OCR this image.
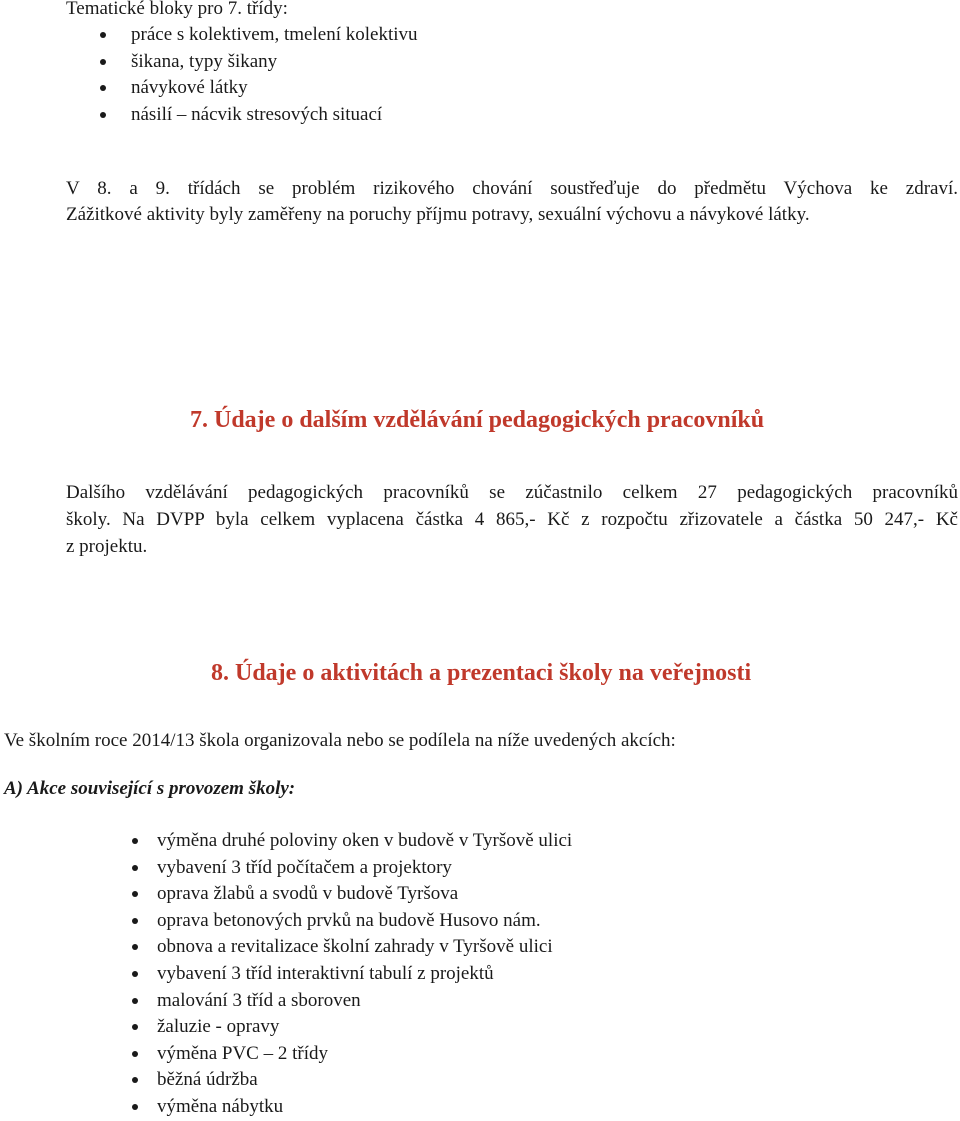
Tematické bloky pro 7. třídy:
práce s kolektivem, tmelení kolektivu
šikana, typy šikany
návykové látky
násilí – nácvik stresových situací
V 8. a 9. třídách se problém rizikového chování soustřeďuje do předmětu Výchova ke zdraví.
Zážitkové aktivity byly zaměřeny na poruchy příjmu potravy, sexuální výchovu a návykové látky.
7. Údaje o dalším vzdělávání pedagogických pracovníků
Dalšího vzdělávání pedagogických pracovníků se zúčastnilo celkem 27 pedagogických pracovníků
školy. Na DVPP byla celkem vyplacena částka 4 865,- Kč z rozpočtu zřizovatele a částka 50 247,- Kč
z projektu.
8. Údaje o aktivitách a prezentaci školy na veřejnosti
Ve školním roce 2014/13 škola organizovala nebo se podílela na níže uvedených akcích:
A) Akce související s provozem školy:
výměna druhé poloviny oken v budově v Tyršově ulici
vybavení 3 tříd počítačem a projektory
oprava žlabů a svodů v budově Tyršova
oprava betonových prvků na budově Husovo nám.
obnova a revitalizace školní zahrady v Tyršově ulici
vybavení 3 tříd interaktivní tabulí z projektů
malování 3 tříd a sboroven
žaluzie - opravy
výměna PVC – 2 třídy
běžná údržba
výměna nábytku
